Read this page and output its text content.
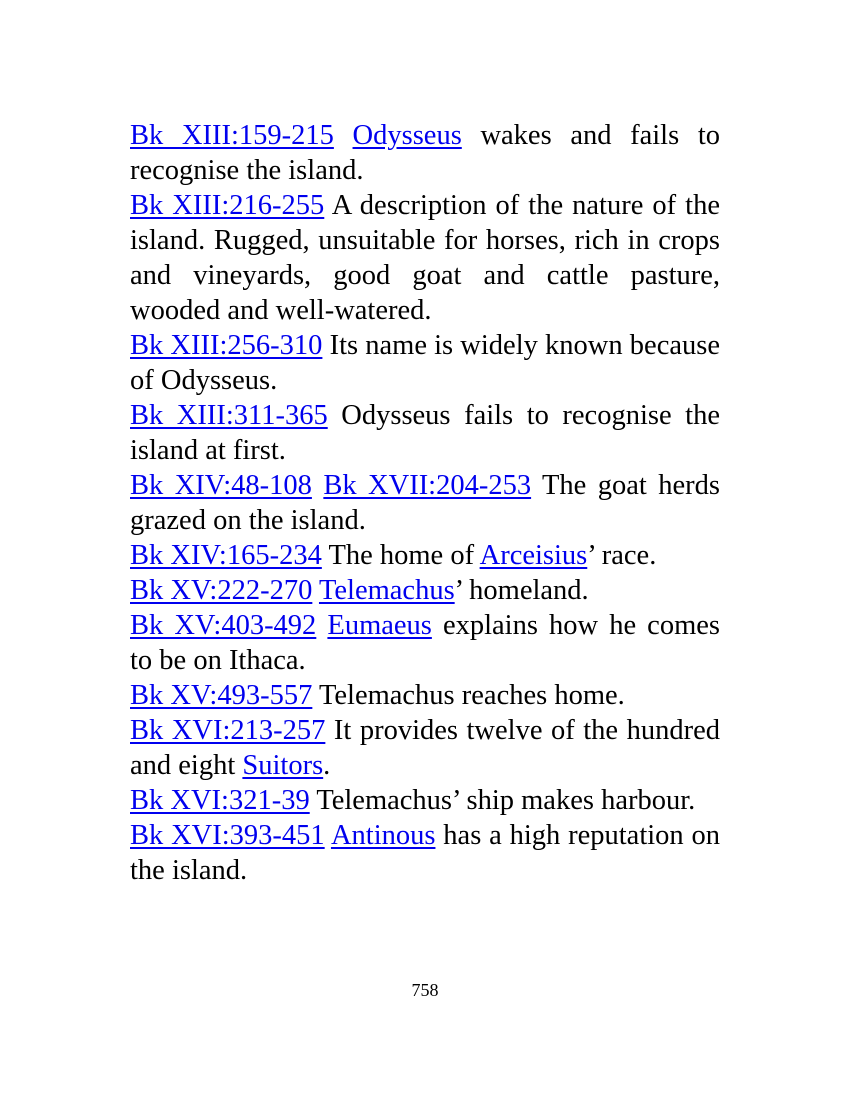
Bk XIII:159-215 Odysseus wakes and fails to recognise the island.

Bk XIII:216-255 A description of the nature of the island. Rugged, unsuitable for horses, rich in crops and vineyards, good goat and cattle pasture, wooded and well-watered.

Bk XIII:256-310 Its name is widely known because of Odysseus.

Bk XIII:311-365 Odysseus fails to recognise the island at first.

Bk XIV:48-108 Bk XVII:204-253 The goat herds grazed on the island.

Bk XIV:165-234 The home of Arceisius’ race.

Bk XV:222-270 Telemachus’ homeland.

Bk XV:403-492 Eumaeus explains how he comes to be on Ithaca.

Bk XV:493-557 Telemachus reaches home.

Bk XVI:213-257 It provides twelve of the hundred and eight Suitors.

Bk XVI:321-39 Telemachus’ ship makes harbour.

Bk XVI:393-451 Antinous has a high reputation on the island.

758
